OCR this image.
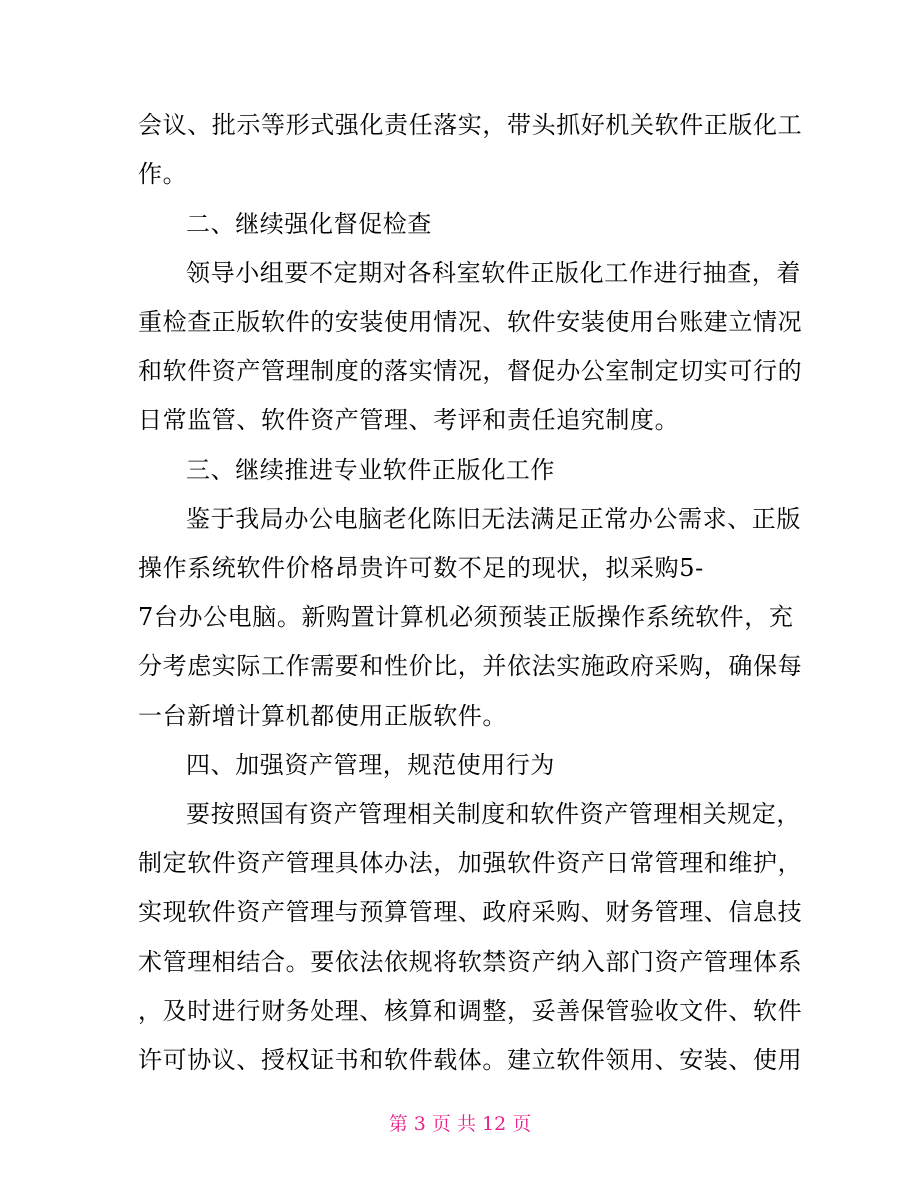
会议、批示等形式强化责任落实，带头抓好机关软件正版化工
作。
二、继续强化督促检查
领导小组要不定期对各科室软件正版化工作进行抽查，着
重检查正版软件的安装使用情况、软件安装使用台账建立情况
和软件资产管理制度的落实情况，督促办公室制定切实可行的
日常监管、软件资产管理、考评和责任追究制度。
三、继续推进专业软件正版化工作
鉴于我局办公电脑老化陈旧无法满足正常办公需求、正版
操作系统软件价格昂贵许可数不足的现状，拟采购5-
7台办公电脑。新购置计算机必须预装正版操作系统软件，充
分考虑实际工作需要和性价比，并依法实施政府采购，确保每
一台新增计算机都使用正版软件。
四、加强资产管理，规范使用行为
要按照国有资产管理相关制度和软件资产管理相关规定，
制定软件资产管理具体办法，加强软件资产日常管理和维护，
实现软件资产管理与预算管理、政府采购、财务管理、信息技
术管理相结合。要依法依规将软禁资产纳入部门资产管理体系
，及时进行财务处理、核算和调整，妥善保管验收文件、软件
许可协议、授权证书和软件载体。建立软件领用、安装、使用
第 3 页 共 12 页
